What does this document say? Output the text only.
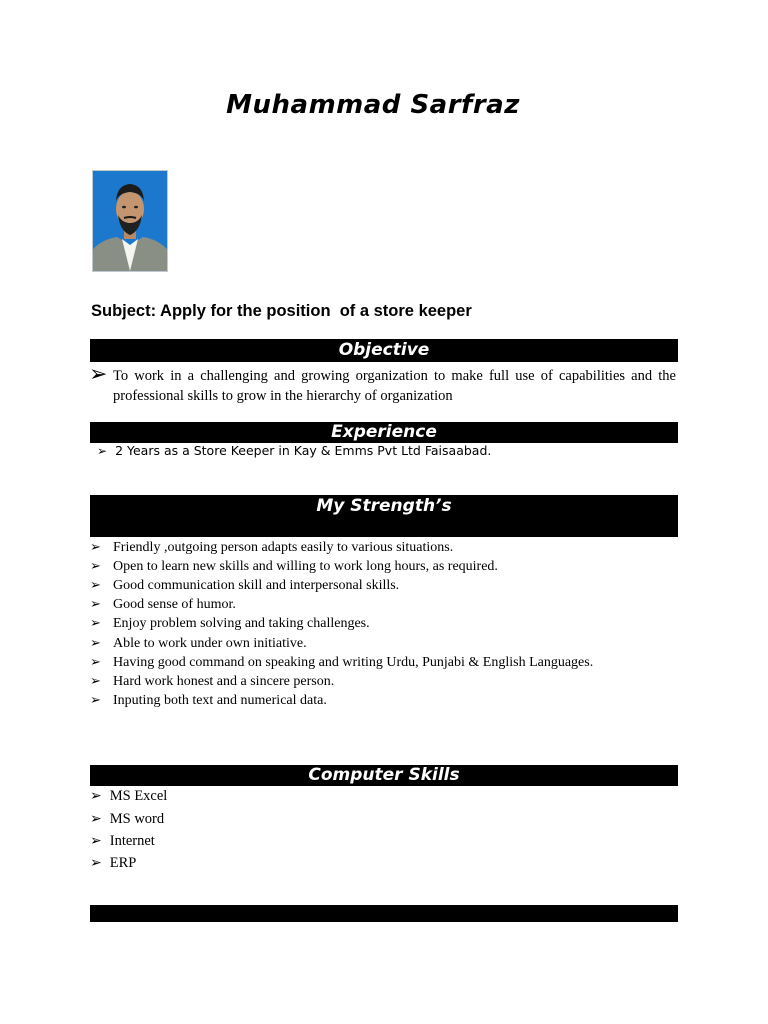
Muhammad Sarfraz
Subject: Apply for the position  of a store keeper
Objective
➢ To work in a challenging and growing organization to make full use of capabilities and the professional skills to grow in the hierarchy of organization
Experience
➢ 2 Years as a Store Keeper in Kay & Emms Pvt Ltd Faisaabad.
My Strength’s
➢ Friendly ,outgoing person adapts easily to various situations.
➢ Open to learn new skills and willing to work long hours, as required.
➢ Good communication skill and interpersonal skills.
➢ Good sense of humor.
➢ Enjoy problem solving and taking challenges.
➢ Able to work under own initiative.
➢ Having good command on speaking and writing Urdu, Punjabi & English Languages.
➢ Hard work honest and a sincere person.
➢ Inputing both text and numerical data.
Computer Skills
➢ MS Excel
➢ MS word
➢ Internet
➢ ERP
